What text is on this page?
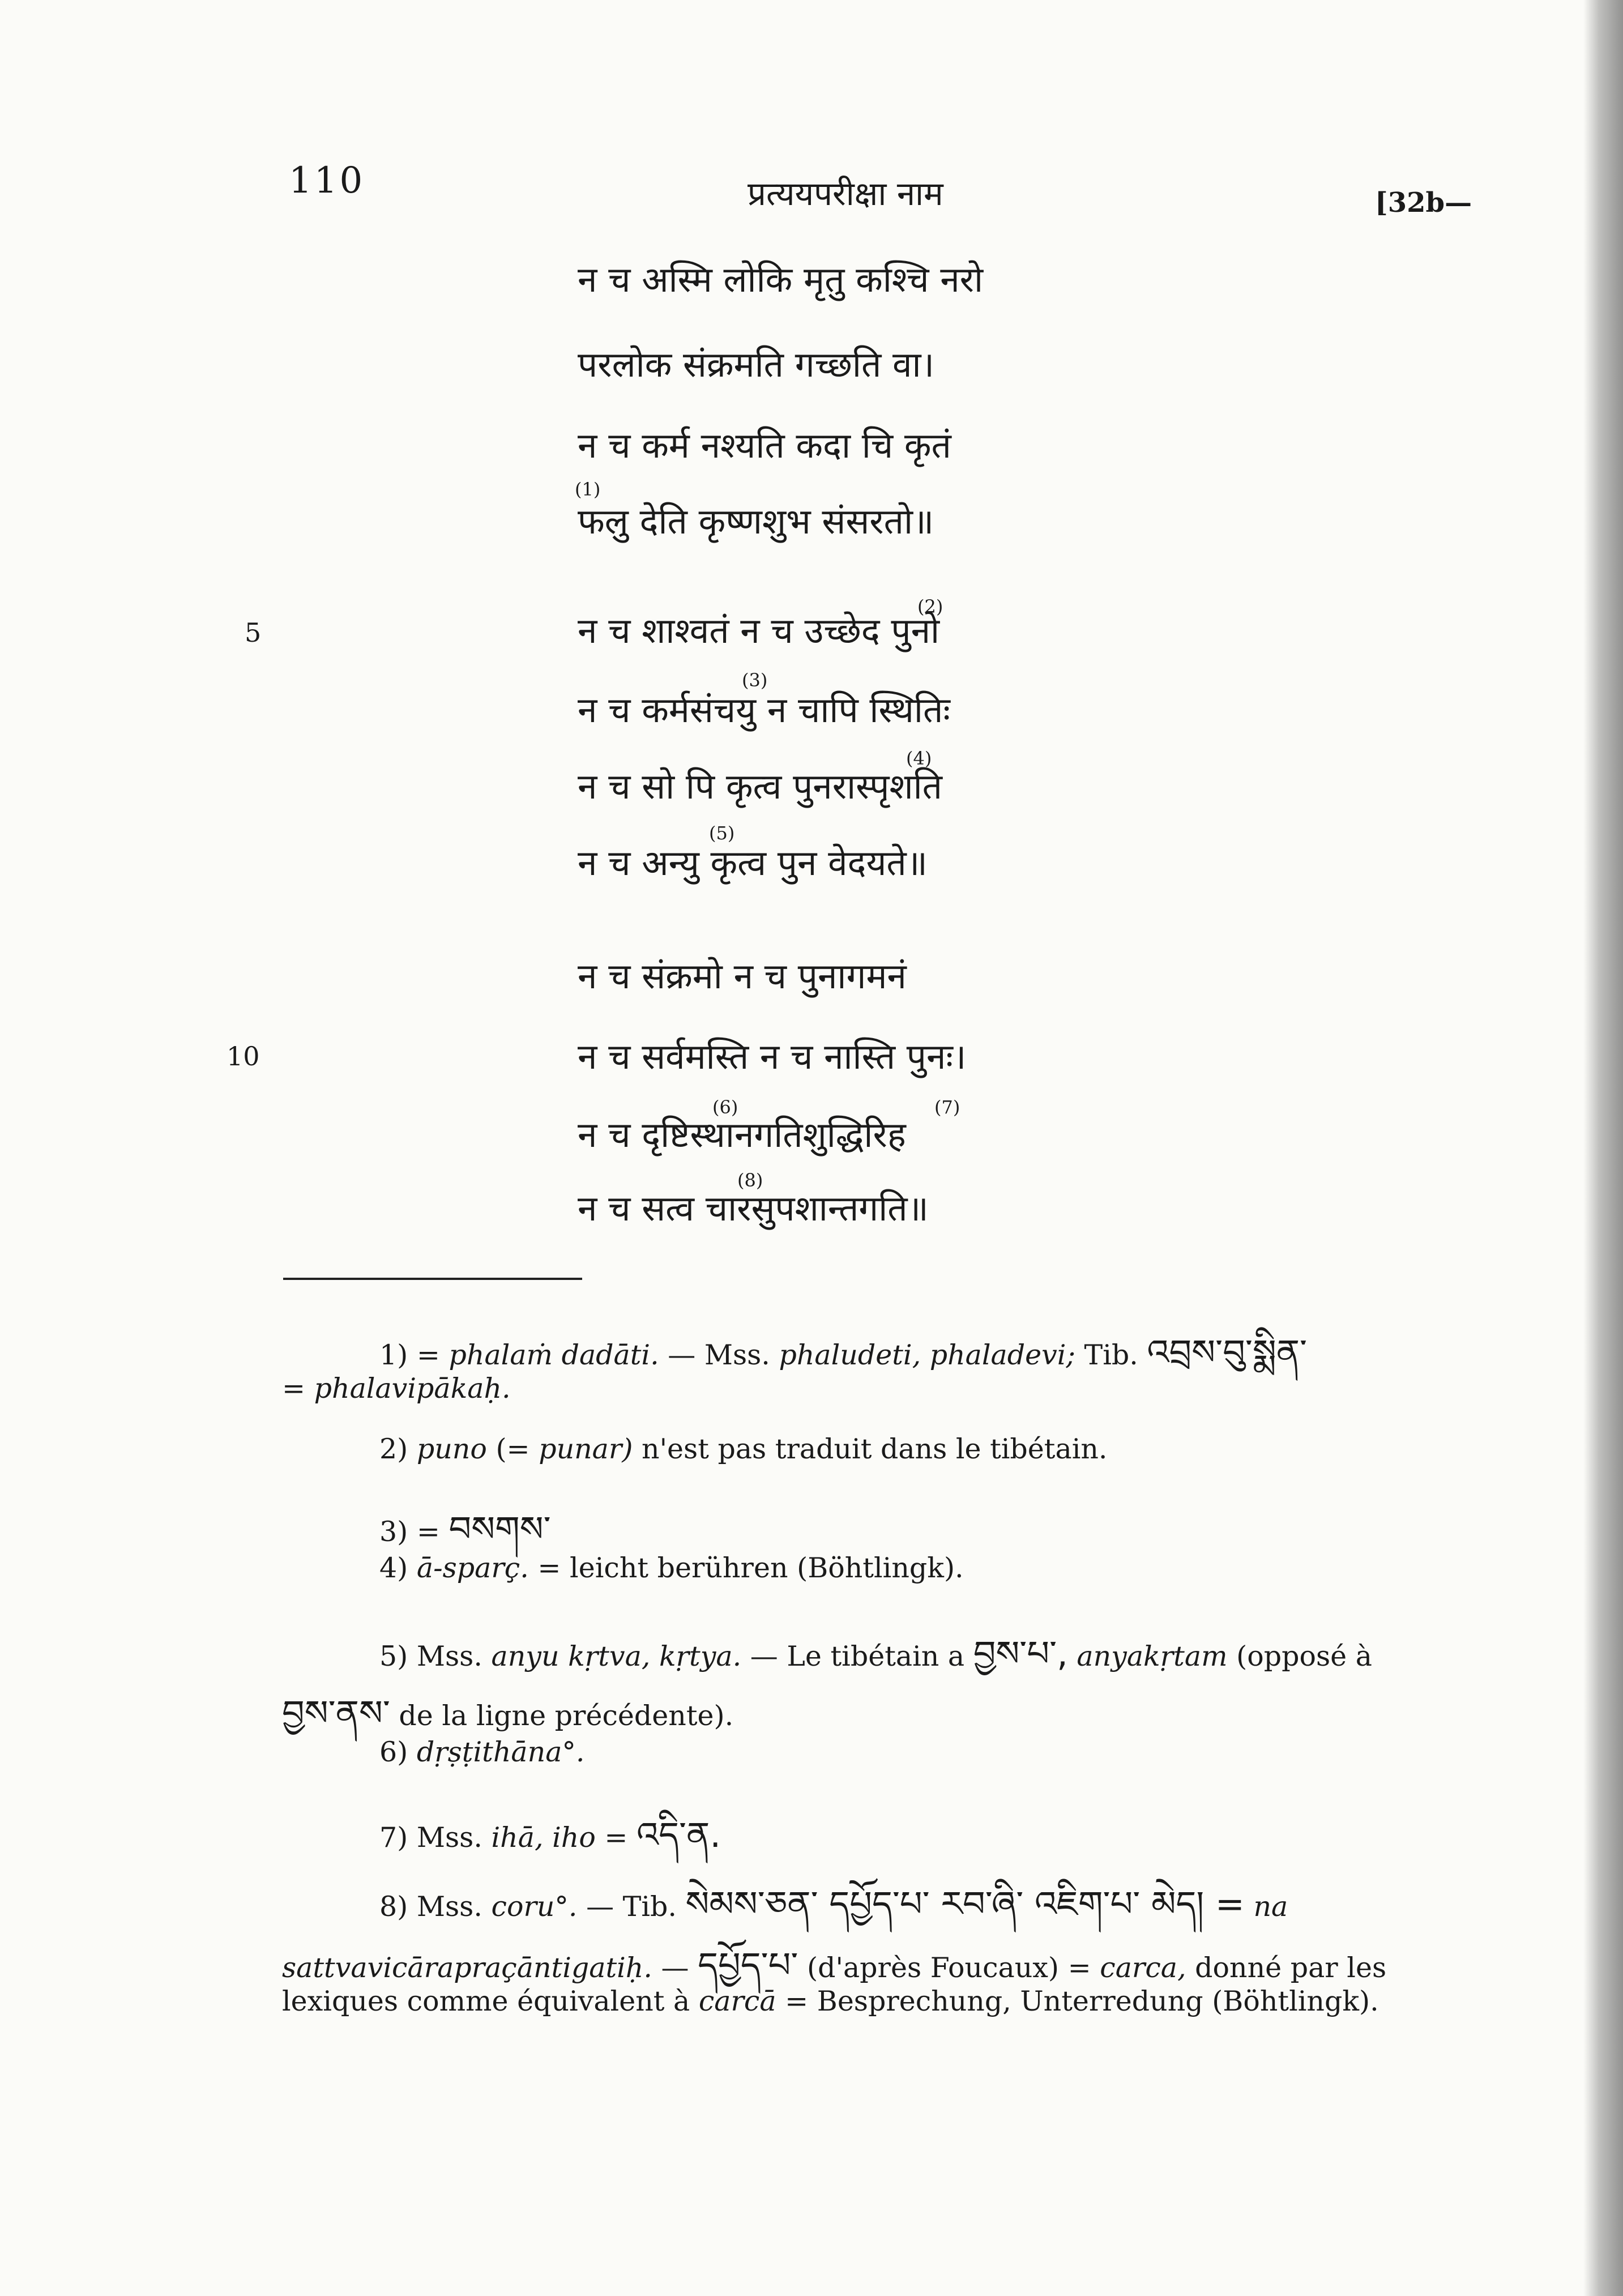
110	प्रत्ययपरीक्षा नाम	[32b—
न च अस्मि लोकि मृतु कश्चि नरो
परलोक संक्रमति गच्छति वा।
न च कर्म नश्यति कदा चि कृतं
(1)
फलु देति कृष्णशुभ संसरतो॥
5
(2)
न च शाश्वतं न च उच्छेद पुनो
(3)
न च कर्मसंचयु न चापि स्थितिः
(4)
न च सो पि कृत्व पुनरास्पृशति
(5)
न च अन्यु कृत्व पुन वेदयते॥
10
न च संक्रमो न च पुनागमनं
न च सर्वमस्ति न च नास्ति पुनः।
(6)	(7)
न च दृष्टिस्थानगतिशुद्धिरिह
(8)
न च सत्व चारसुपशान्तगति॥
1) = phalaṁ dadāti. — Mss. phaludeti, phaladevi; Tib. འབྲས་བུ་སྨིན་
= phalavipākaḥ.
2) puno (= punar) n'est pas traduit dans le tibétain.
3) = བསགས་
4) ā-sparç. = leicht berühren (Böhtlingk).
5) Mss. anyu kṛtva, kṛtya. — Le tibétain a བྱས་པ་, anyakṛtam (opposé à
བྱས་ནས་ de la ligne précédente).
6) dṛṣṭithāna°.
7) Mss. ihā, iho = འདི་ན.
8) Mss. coru°. — Tib. སེམས་ཅན་ དཔྱོད་པ་ རབ་ཞི་ འཇིག་པ་ མེད། = na
sattvavicārapraçāntigatiḥ. — དཔྱོད་པ་ (d'après Foucaux) = carca, donné par les
lexiques comme équivalent à carcā = Besprechung, Unterredung (Böhtlingk).
